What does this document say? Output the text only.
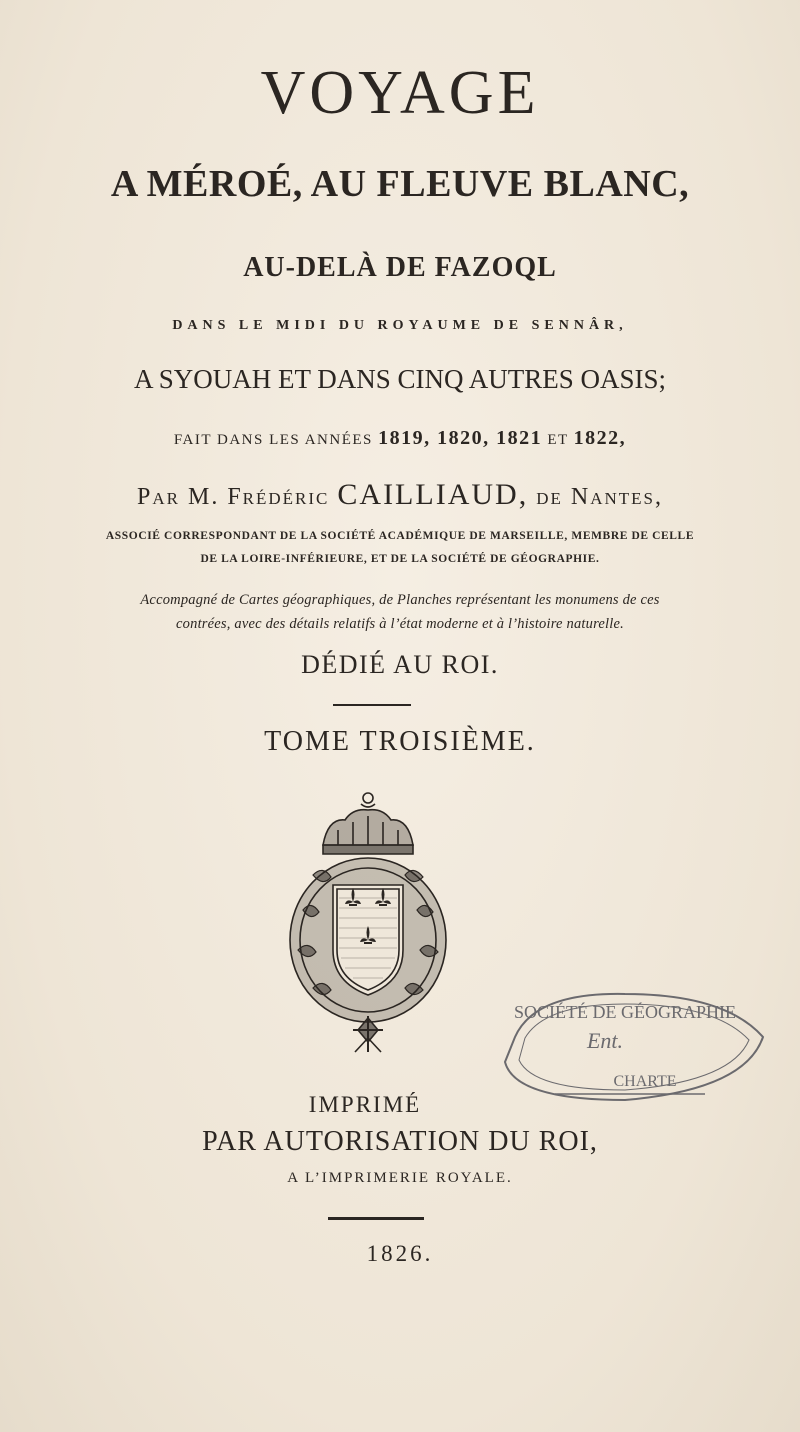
VOYAGE
A MÉROÉ, AU FLEUVE BLANC,
AU-DELÀ DE FAZOQL
DANS LE MIDI DU ROYAUME DE SENNÂR,
A SYOUAH ET DANS CINQ AUTRES OASIS;
FAIT DANS LES ANNÉES 1819, 1820, 1821 ET 1822,
Par M. Frédéric CAILLIAUD, de Nantes,
ASSOCIÉ CORRESPONDANT DE LA SOCIÉTÉ ACADÉMIQUE DE MARSEILLE, MEMBRE DE CELLE
DE LA LOIRE-INFÉRIEURE, ET DE LA SOCIÉTÉ DE GÉOGRAPHIE.
Accompagné de Cartes géographiques, de Planches représentant les monumens de ces
contrées, avec des détails relatifs à l’état moderne et à l’histoire naturelle.
DÉDIÉ AU ROI.
TOME TROISIÈME.
SOCIÉTÉ DE GÉOGRAPHIE
Ent.
CHARTE
IMPRIMÉ
PAR AUTORISATION DU ROI,
A L’IMPRIMERIE ROYALE.
1826.
